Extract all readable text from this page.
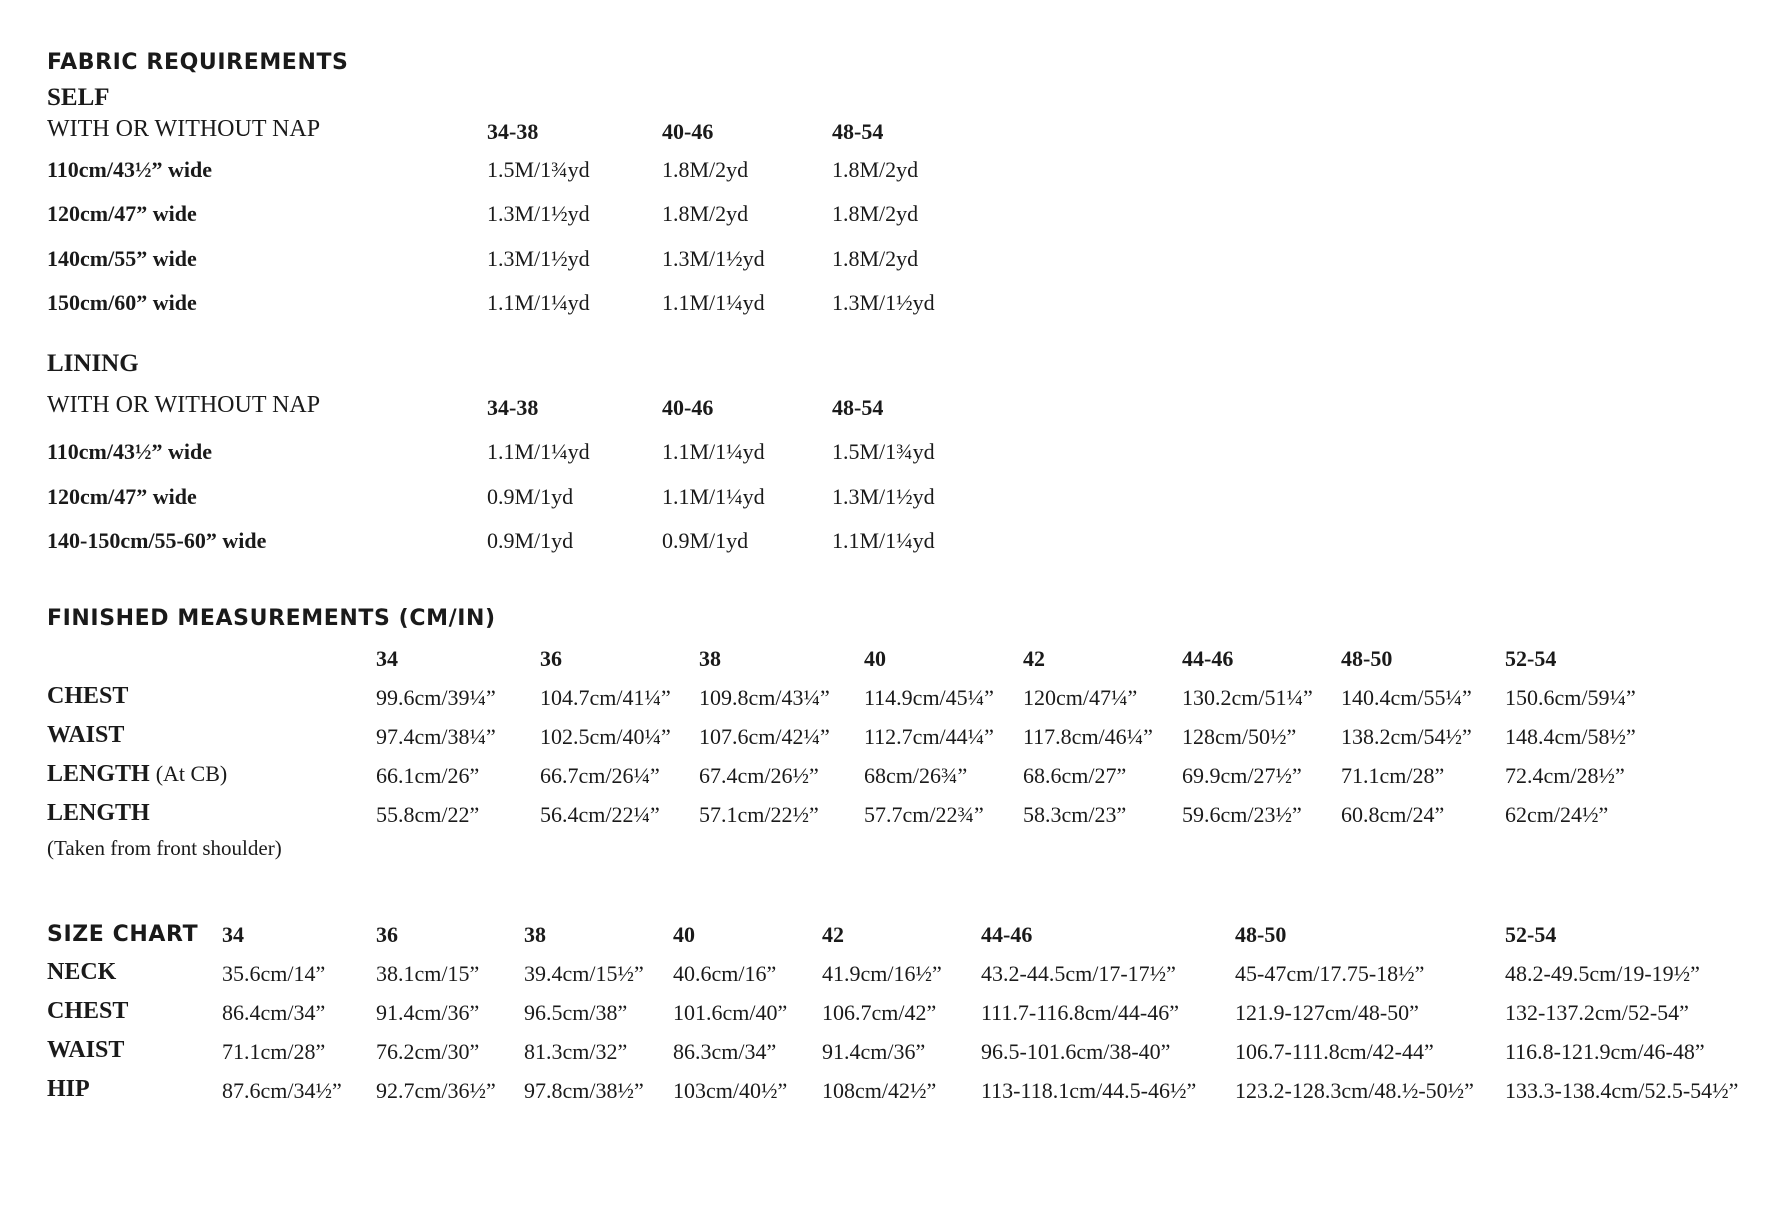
FABRIC REQUIREMENTS
SELF
WITH OR WITHOUT NAP	34-38	40-46	48-54
110cm/43½” wide	1.5M/1¾yd	1.8M/2yd	1.8M/2yd
120cm/47” wide	1.3M/1½yd	1.8M/2yd	1.8M/2yd
140cm/55” wide	1.3M/1½yd	1.3M/1½yd	1.8M/2yd
150cm/60” wide	1.1M/1¼yd	1.1M/1¼yd	1.3M/1½yd
LINING
WITH OR WITHOUT NAP	34-38	40-46	48-54
110cm/43½” wide	1.1M/1¼yd	1.1M/1¼yd	1.5M/1¾yd
120cm/47” wide	0.9M/1yd	1.1M/1¼yd	1.3M/1½yd
140-150cm/55-60” wide	0.9M/1yd	0.9M/1yd	1.1M/1¼yd
FINISHED MEASUREMENTS (CM/IN)
34	36	38	40	42	44-46	48-50	52-54
CHEST	99.6cm/39¼” 104.7cm/41¼” 109.8cm/43¼” 114.9cm/45¼” 120cm/47¼” 130.2cm/51¼” 140.4cm/55¼” 150.6cm/59¼”
WAIST	97.4cm/38¼” 102.5cm/40¼” 107.6cm/42¼” 112.7cm/44¼” 117.8cm/46¼” 128cm/50½” 138.2cm/54½” 148.4cm/58½”
LENGTH (At CB)	66.1cm/26”	66.7cm/26¼” 67.4cm/26½” 68cm/26¾”	68.6cm/27”	69.9cm/27½” 71.1cm/28”	72.4cm/28½”
LENGTH	55.8cm/22”	56.4cm/22¼” 57.1cm/22½” 57.7cm/22¾” 58.3cm/23”	59.6cm/23½” 60.8cm/24”	62cm/24½”
(Taken from front shoulder)
SIZE CHART 34	36	38	40	42	44-46	48-50	52-54
NECK	35.6cm/14” 38.1cm/15” 39.4cm/15½” 40.6cm/16” 41.9cm/16½” 43.2-44.5cm/17-17½”	45-47cm/17.75-18½”	48.2-49.5cm/19-19½”
CHEST	86.4cm/34” 91.4cm/36” 96.5cm/38” 101.6cm/40” 106.7cm/42” 111.7-116.8cm/44-46”	121.9-127cm/48-50”	132-137.2cm/52-54”
WAIST	71.1cm/28” 76.2cm/30” 81.3cm/32” 86.3cm/34” 91.4cm/36”	96.5-101.6cm/38-40”	106.7-111.8cm/42-44”	116.8-121.9cm/46-48”
HIP	87.6cm/34½” 92.7cm/36½” 97.8cm/38½” 103cm/40½” 108cm/42½” 113-118.1cm/44.5-46½” 123.2-128.3cm/48.½-50½” 133.3-138.4cm/52.5-54½”
